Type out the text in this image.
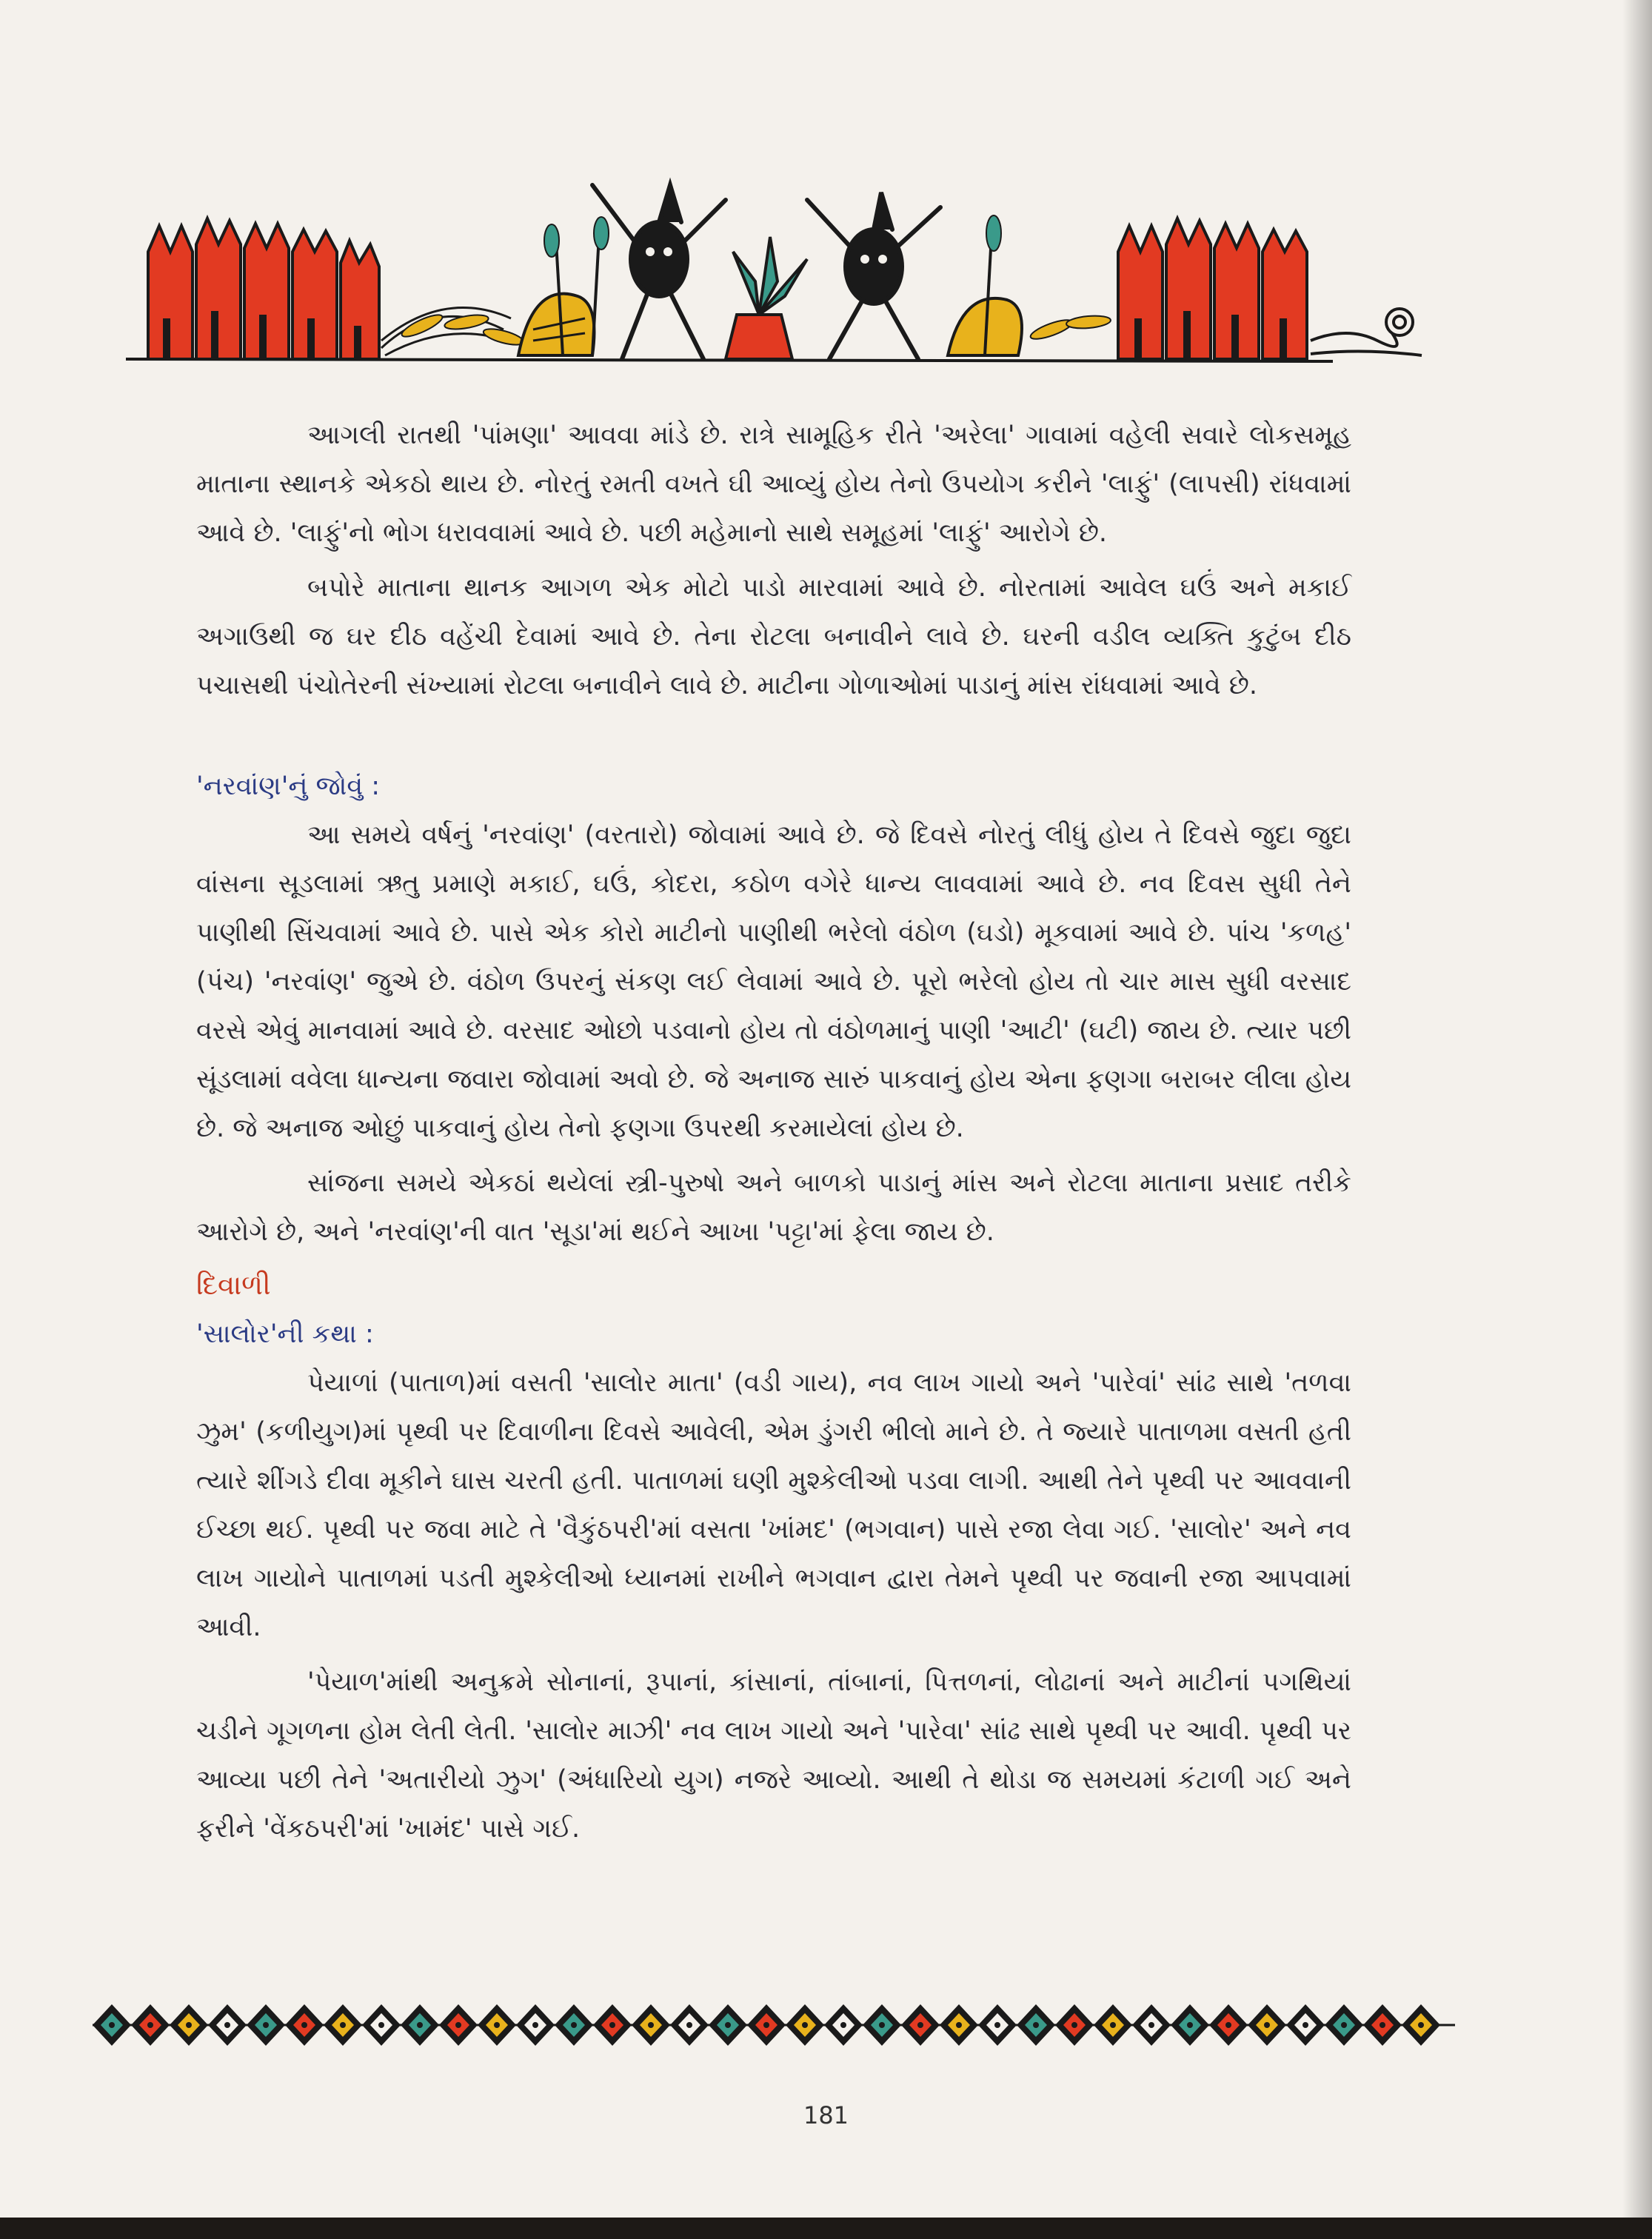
આગલી રાતથી 'પાંમણા' આવવા માંડે છે. રાત્રે સામૂહિક રીતે 'અરેલા' ગાવામાં વહેલી સવારે લોકસમૂહ માતાના સ્થાનકે એકઠો થાય છે. નોરતું રમતી વખતે ઘી આવ્યું હોય તેનો ઉપયોગ કરીને 'લાફું' (લાપસી) રાંધવામાં આવે છે. 'લાફું'નો ભોગ ધરાવવામાં આવે છે. પછી મહેમાનો સાથે સમૂહમાં 'લાફું' આરોગે છે.

બપોરે માતાના થાનક આગળ એક મોટો પાડો મારવામાં આવે છે. નોરતામાં આવેલ ઘઉં અને મકાઈ અગાઉથી જ ઘર દીઠ વહેંચી દેવામાં આવે છે. તેના રોટલા બનાવીને લાવે છે. ઘરની વડીલ વ્યક્તિ કુટુંબ દીઠ પચાસથી પંચોતેરની સંખ્યામાં રોટલા બનાવીને લાવે છે. માટીના ગોળાઓમાં પાડાનું માંસ રાંધવામાં આવે છે.

'નરવાંણ'નું જોવું :

આ સમયે વર્ષનું 'નરવાંણ' (વરતારો) જોવામાં આવે છે. જે દિવસે નોરતું લીધું હોય તે દિવસે જુદા જુદા વાંસના સૂડલામાં ઋતુ પ્રમાણે મકાઈ, ઘઉં, કોદરા, કઠોળ વગેરે ધાન્ય લાવવામાં આવે છે. નવ દિવસ સુધી તેને પાણીથી સિંચવામાં આવે છે. પાસે એક કોરો માટીનો પાણીથી ભરેલો વંઠોળ (ઘડો) મૂકવામાં આવે છે. પાંચ 'કળહ' (પંચ) 'નરવાંણ' જુએ છે. વંઠોળ ઉપરનું સંકણ લઈ લેવામાં આવે છે. પૂરો ભરેલો હોય તો ચાર માસ સુધી વરસાદ વરસે એવું માનવામાં આવે છે. વરસાદ ઓછો પડવાનો હોય તો વંઠોળમાનું પાણી 'આટી' (ઘટી) જાય છે. ત્યાર પછી સૂંડલામાં વવેલા ધાન્યના જવારા જોવામાં અવો છે. જે અનાજ સારું પાકવાનું હોય એના ફણગા બરાબર લીલા હોય છે. જે અનાજ ઓછું પાકવાનું હોય તેનો ફણગા ઉપરથી કરમાયેલાં હોય છે.

સાંજના સમયે એકઠાં થયેલાં સ્ત્રી-પુરુષો અને બાળકો પાડાનું માંસ અને રોટલા માતાના પ્રસાદ તરીકે આરોગે છે, અને 'નરવાંણ'ની વાત 'સૂડા'માં થઈને આખા 'પટ્ટા'માં ફેલા જાય છે.

દિવાળી

'સાલોર'ની કથા :

પેયાળાં (પાતાળ)માં વસતી 'સાલોર માતા' (વડી ગાય), નવ લાખ ગાયો અને 'પારેવાં' સાંઢ સાથે 'તળવા ઝુમ' (કળીયુગ)માં પૃથ્વી પર દિવાળીના દિવસે આવેલી, એમ ડુંગરી ભીલો માને છે. તે જ્યારે પાતાળમા વસતી હતી ત્યારે શીંગડે દીવા મૂકીને ઘાસ ચરતી હતી. પાતાળમાં ઘણી મુશ્કેલીઓ પડવા લાગી. આથી તેને પૃથ્વી પર આવવાની ઈચ્છા થઈ. પૃથ્વી પર જવા માટે તે 'વૈકુંઠપરી'માં વસતા 'ખાંમદ' (ભગવાન) પાસે રજા લેવા ગઈ. 'સાલોર' અને નવ લાખ ગાયોને પાતાળમાં પડતી મુશ્કેલીઓ ધ્યાનમાં રાખીને ભગવાન દ્વારા તેમને પૃથ્વી પર જવાની રજા આપવામાં આવી.

'પેયાળ'માંથી અનુક્રમે સોનાનાં, રૂપાનાં, કાંસાનાં, તાંબાનાં, પિત્તળનાં, લોઢાનાં અને માટીનાં પગથિયાં ચડીને ગૂગળના હોમ લેતી લેતી. 'સાલોર માઝી' નવ લાખ ગાયો અને 'પારેવા' સાંઢ સાથે પૃથ્વી પર આવી. પૃથ્વી પર આવ્યા પછી તેને 'અતારીયો ઝુગ' (અંધારિયો યુગ) નજરે આવ્યો. આથી તે થોડા જ સમયમાં કંટાળી ગઈ અને ફરીને 'વેંકઠપરી'માં 'ખામંદ' પાસે ગઈ.

181
